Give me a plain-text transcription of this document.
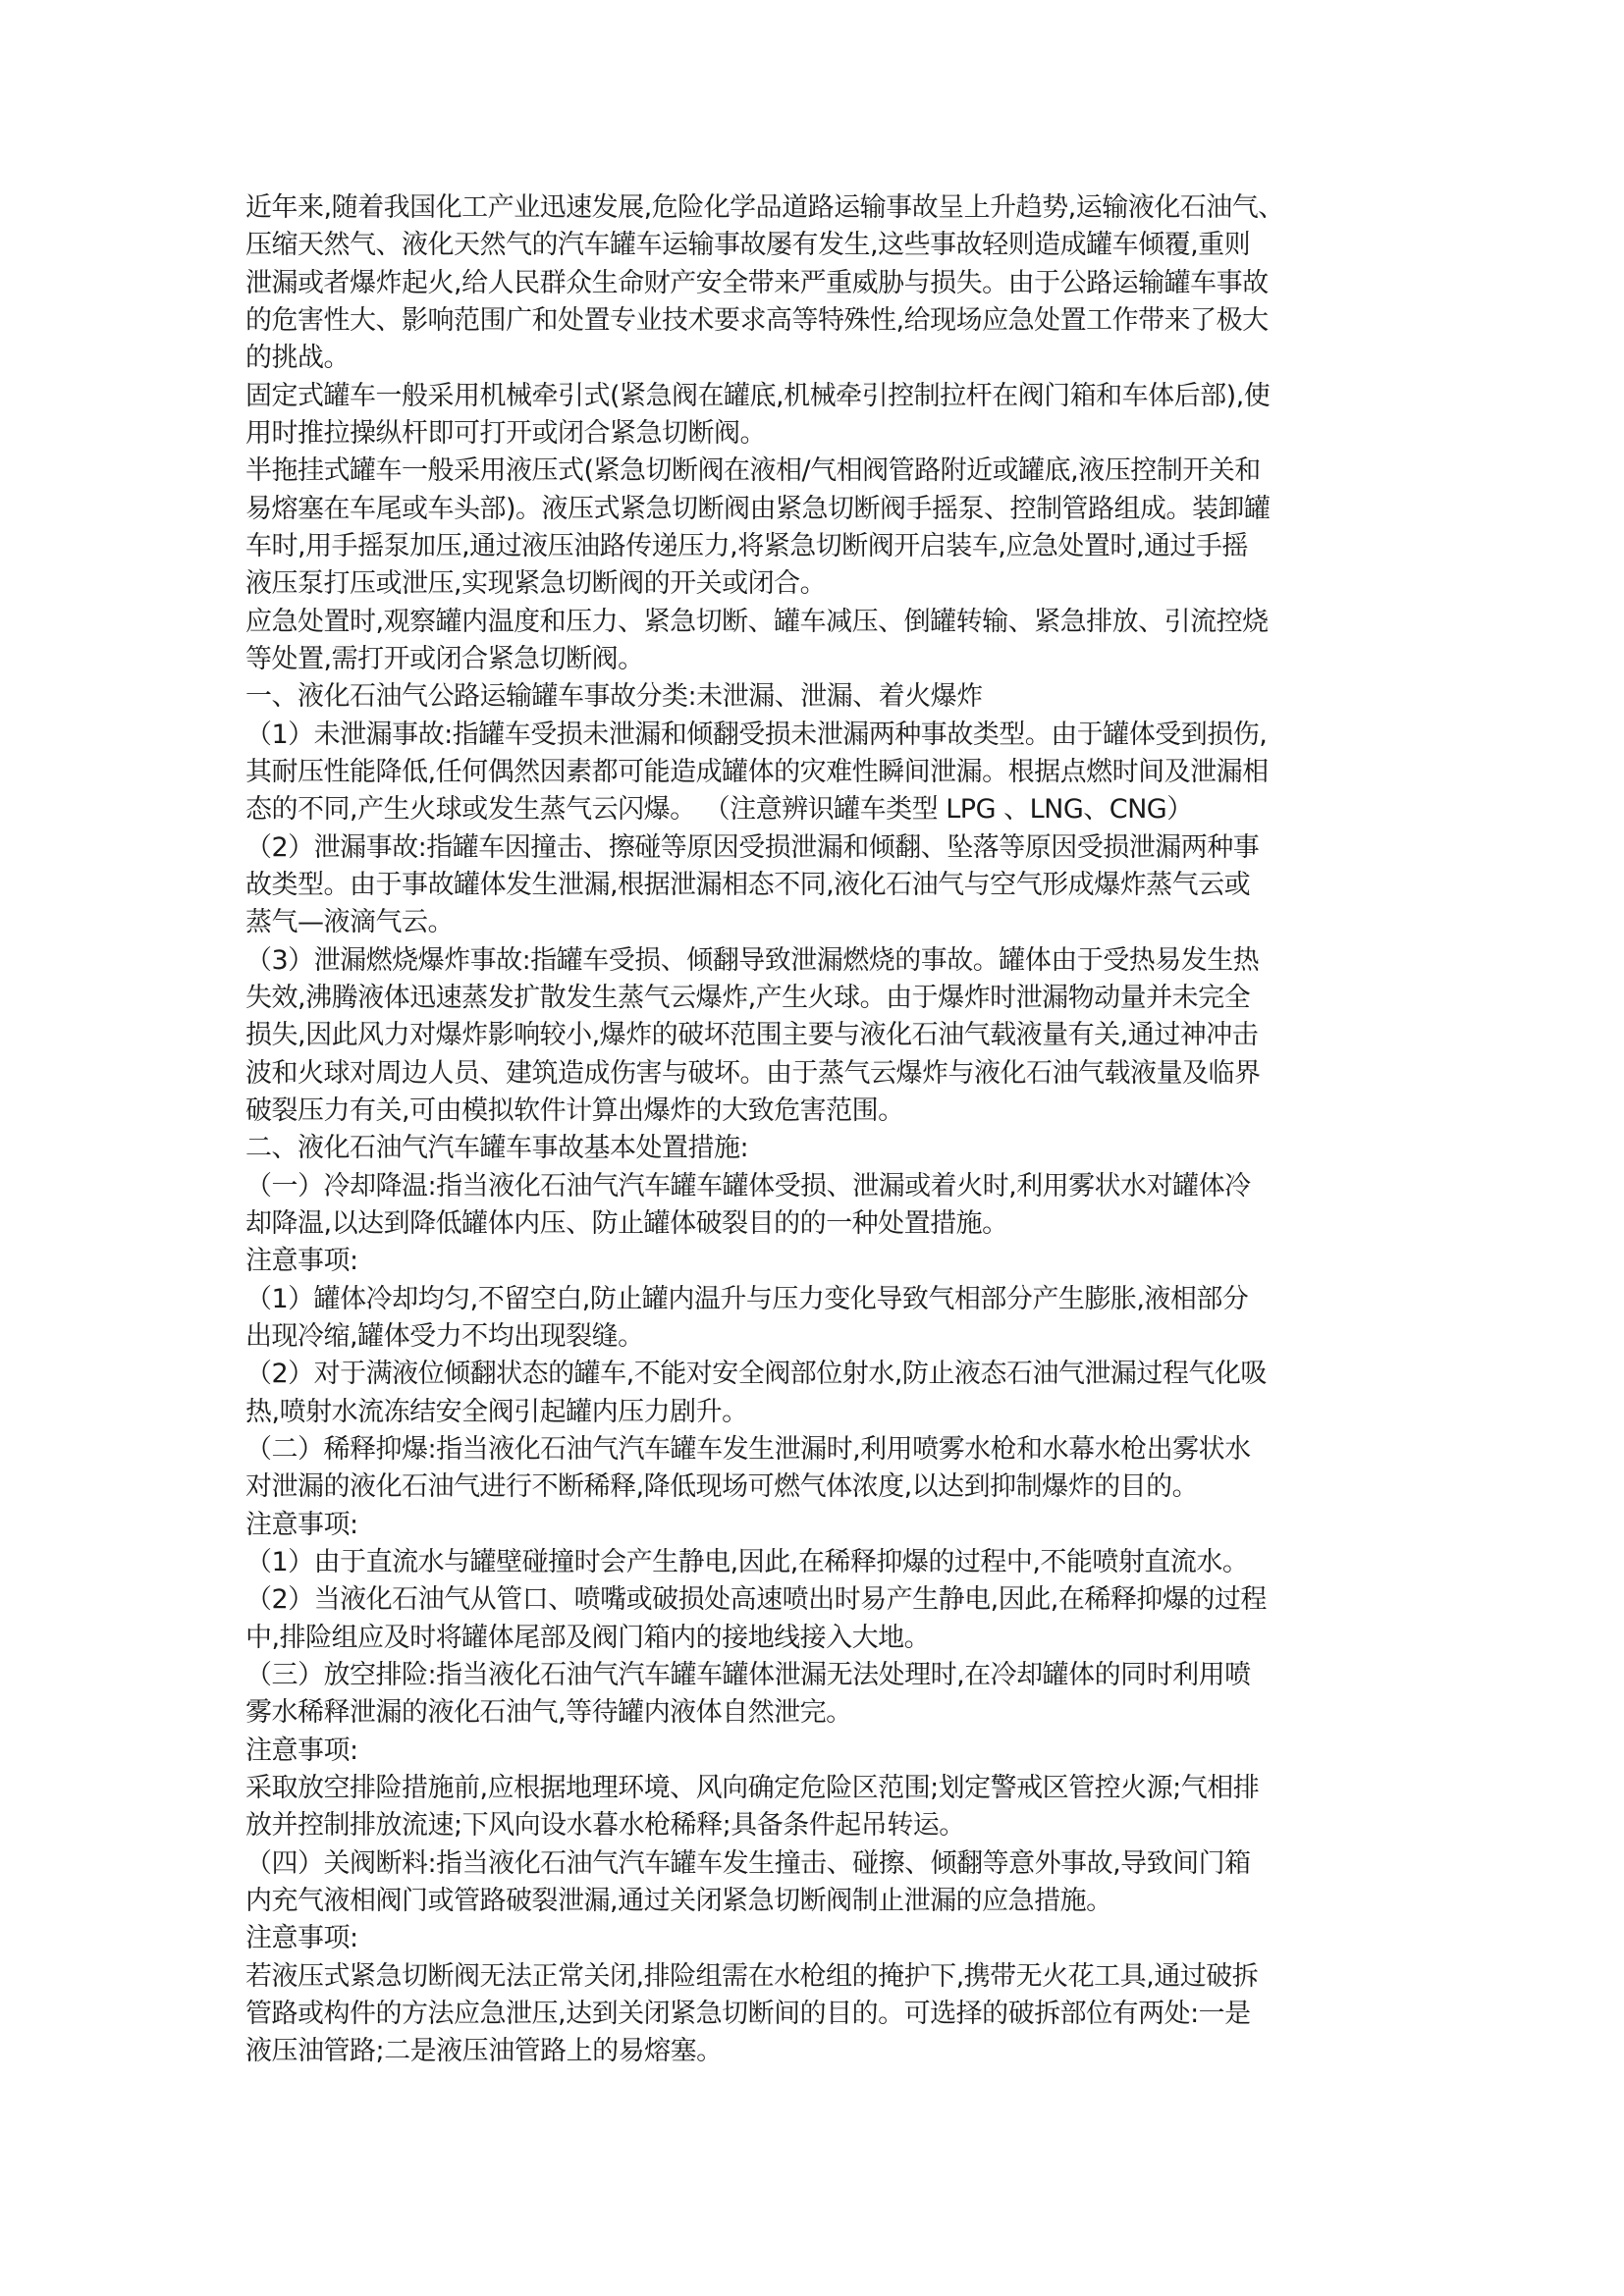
近年来,随着我国化工产业迅速发展,危险化学品道路运输事故呈上升趋势,运输液化石油气、
压缩天然气、液化天然气的汽车罐车运输事故屡有发生,这些事故轻则造成罐车倾覆,重则
泄漏或者爆炸起火,给人民群众生命财产安全带来严重威胁与损失。由于公路运输罐车事故
的危害性大、影响范围广和处置专业技术要求高等特殊性,给现场应急处置工作带来了极大
的挑战。
固定式罐车一般采用机械牵引式(紧急阀在罐底,机械牵引控制拉杆在阀门箱和车体后部),使
用时推拉操纵杆即可打开或闭合紧急切断阀。
半拖挂式罐车一般采用液压式(紧急切断阀在液相/气相阀管路附近或罐底,液压控制开关和
易熔塞在车尾或车头部)。液压式紧急切断阀由紧急切断阀手摇泵、控制管路组成。装卸罐
车时,用手摇泵加压,通过液压油路传递压力,将紧急切断阀开启装车,应急处置时,通过手摇
液压泵打压或泄压,实现紧急切断阀的开关或闭合。
应急处置时,观察罐内温度和压力、紧急切断、罐车减压、倒罐转输、紧急排放、引流控烧
等处置,需打开或闭合紧急切断阀。
一、液化石油气公路运输罐车事故分类:未泄漏、泄漏、着火爆炸
（1）未泄漏事故:指罐车受损未泄漏和倾翻受损未泄漏两种事故类型。由于罐体受到损伤,
其耐压性能降低,任何偶然因素都可能造成罐体的灾难性瞬间泄漏。根据点燃时间及泄漏相
态的不同,产生火球或发生蒸气云闪爆。 （注意辨识罐车类型 LPG 、LNG、CNG）
（2）泄漏事故:指罐车因撞击、擦碰等原因受损泄漏和倾翻、坠落等原因受损泄漏两种事
故类型。由于事故罐体发生泄漏,根据泄漏相态不同,液化石油气与空气形成爆炸蒸气云或
蒸气—液滴气云。
（3）泄漏燃烧爆炸事故:指罐车受损、倾翻导致泄漏燃烧的事故。罐体由于受热易发生热
失效,沸腾液体迅速蒸发扩散发生蒸气云爆炸,产生火球。由于爆炸时泄漏物动量并未完全
损失,因此风力对爆炸影响较小,爆炸的破坏范围主要与液化石油气载液量有关,通过神冲击
波和火球对周边人员、建筑造成伤害与破坏。由于蒸气云爆炸与液化石油气载液量及临界
破裂压力有关,可由模拟软件计算出爆炸的大致危害范围。
二、液化石油气汽车罐车事故基本处置措施:
（一）冷却降温:指当液化石油气汽车罐车罐体受损、泄漏或着火时,利用雾状水对罐体冷
却降温,以达到降低罐体内压、防止罐体破裂目的的一种处置措施。
注意事项:
（1）罐体冷却均匀,不留空白,防止罐内温升与压力变化导致气相部分产生膨胀,液相部分
出现冷缩,罐体受力不均出现裂缝。
（2）对于满液位倾翻状态的罐车,不能对安全阀部位射水,防止液态石油气泄漏过程气化吸
热,喷射水流冻结安全阀引起罐内压力剧升。
（二）稀释抑爆:指当液化石油气汽车罐车发生泄漏时,利用喷雾水枪和水幕水枪出雾状水
对泄漏的液化石油气进行不断稀释,降低现场可燃气体浓度,以达到抑制爆炸的目的。
注意事项:
（1）由于直流水与罐壁碰撞时会产生静电,因此,在稀释抑爆的过程中,不能喷射直流水。
（2）当液化石油气从管口、喷嘴或破损处高速喷出时易产生静电,因此,在稀释抑爆的过程
中,排险组应及时将罐体尾部及阀门箱内的接地线接入大地。
（三）放空排险:指当液化石油气汽车罐车罐体泄漏无法处理时,在冷却罐体的同时利用喷
雾水稀释泄漏的液化石油气,等待罐内液体自然泄完。
注意事项:
采取放空排险措施前,应根据地理环境、风向确定危险区范围;划定警戒区管控火源;气相排
放并控制排放流速;下风向设水暮水枪稀释;具备条件起吊转运。
（四）关阀断料:指当液化石油气汽车罐车发生撞击、碰擦、倾翻等意外事故,导致间门箱
内充气液相阀门或管路破裂泄漏,通过关闭紧急切断阀制止泄漏的应急措施。
注意事项:
若液压式紧急切断阀无法正常关闭,排险组需在水枪组的掩护下,携带无火花工具,通过破拆
管路或构件的方法应急泄压,达到关闭紧急切断间的目的。可选择的破拆部位有两处:一是
液压油管路;二是液压油管路上的易熔塞。
